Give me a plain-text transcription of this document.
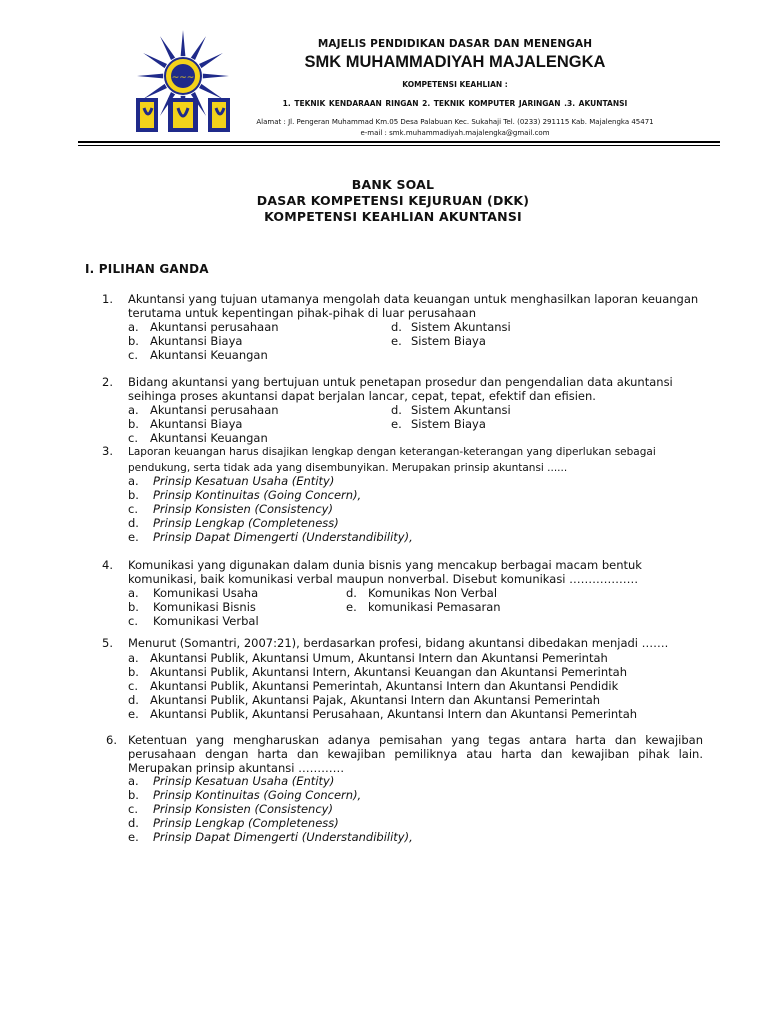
~~~
MAJELIS PENDIDIKAN DASAR DAN MENENGAH
SMK MUHAMMADIYAH MAJALENGKA
KOMPETENSI KEAHLIAN :
1. TEKNIK KENDARAAN RINGAN 2. TEKNIK KOMPUTER JARINGAN .3. AKUNTANSI
Alamat : Jl. Pengeran Muhammad Km.05 Desa Palabuan Kec. Sukahaji Tel. (0233) 291115 Kab. Majalengka 45471
e-mail : smk.muhammadiyah.majalengka@gmail.com
BANK SOAL
DASAR KOMPETENSI KEJURUAN (DKK)
KOMPETENSI KEAHLIAN AKUNTANSI
I. PILIHAN GANDA
1. Akuntansi yang tujuan utamanya mengolah data keuangan untuk menghasilkan laporan keuangan terutama untuk kepentingan pihak-pihak di luar perusahaan
a. Akuntansi perusahaan	d. Sistem Akuntansi
b. Akuntansi Biaya	e. Sistem Biaya
c. Akuntansi Keuangan
2. Bidang akuntansi yang bertujuan untuk penetapan prosedur dan pengendalian data akuntansi seihinga proses akuntansi dapat berjalan lancar, cepat, tepat, efektif dan efisien.
a. Akuntansi perusahaan	d. Sistem Akuntansi
b. Akuntansi Biaya	e. Sistem Biaya
c. Akuntansi Keuangan
3. Laporan keuangan harus disajikan lengkap dengan keterangan-keterangan yang diperlukan sebagai pendukung, serta tidak ada yang disembunyikan. Merupakan prinsip akuntansi ......
a. Prinsip Kesatuan Usaha (Entity)
b. Prinsip Kontinuitas (Going Concern),
c. Prinsip Konsisten (Consistency)
d. Prinsip Lengkap (Completeness)
e. Prinsip Dapat Dimengerti (Understandibility),
4. Komunikasi yang digunakan dalam dunia bisnis yang mencakup berbagai macam bentuk komunikasi, baik komunikasi verbal maupun nonverbal. Disebut komunikasi ………………
a. Komunikasi Usaha	d. Komunikas Non Verbal
b. Komunikasi Bisnis	e. komunikasi Pemasaran
c. Komunikasi Verbal
5. Menurut (Somantri, 2007:21), berdasarkan profesi, bidang akuntansi dibedakan menjadi …….
a. Akuntansi Publik, Akuntansi Umum, Akuntansi Intern dan Akuntansi Pemerintah
b. Akuntansi Publik, Akuntansi Intern, Akuntansi Keuangan dan Akuntansi Pemerintah
c. Akuntansi Publik, Akuntansi Pemerintah, Akuntansi Intern dan Akuntansi Pendidik
d. Akuntansi Publik, Akuntansi Pajak, Akuntansi Intern dan Akuntansi Pemerintah
e. Akuntansi Publik, Akuntansi Perusahaan, Akuntansi Intern dan Akuntansi Pemerintah
6. Ketentuan yang mengharuskan adanya pemisahan yang tegas antara harta dan kewajiban perusahaan dengan harta dan kewajiban pemiliknya atau harta dan kewajiban pihak lain. Merupakan prinsip akuntansi …………
a. Prinsip Kesatuan Usaha (Entity)
b. Prinsip Kontinuitas (Going Concern),
c. Prinsip Konsisten (Consistency)
d. Prinsip Lengkap (Completeness)
e. Prinsip Dapat Dimengerti (Understandibility),
